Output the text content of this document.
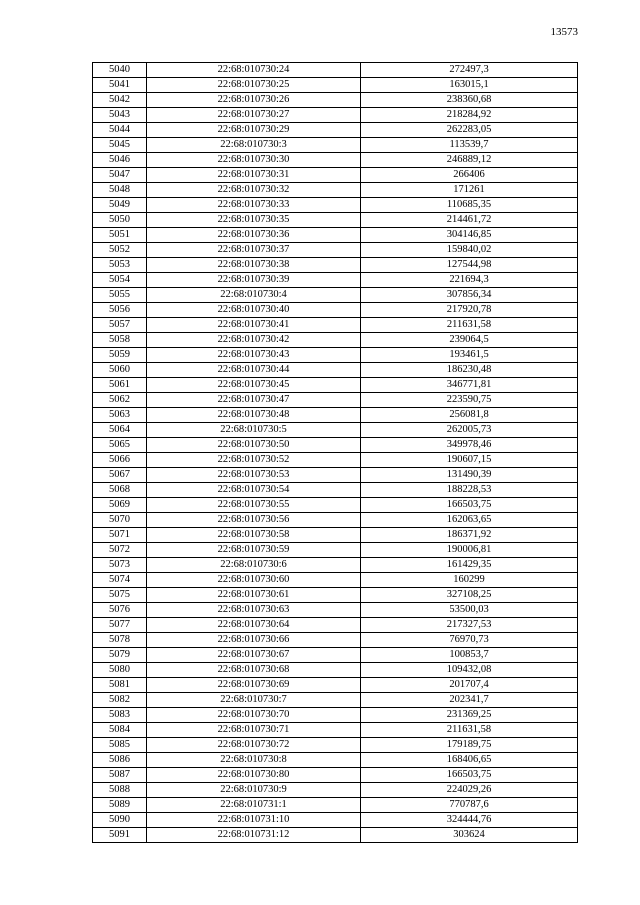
13573
5040	22:68:010730:24	272497,3
5041	22:68:010730:25	163015,1
5042	22:68:010730:26	238360,68
5043	22:68:010730:27	218284,92
5044	22:68:010730:29	262283,05
5045	22:68:010730:3	113539,7
5046	22:68:010730:30	246889,12
5047	22:68:010730:31	266406
5048	22:68:010730:32	171261
5049	22:68:010730:33	110685,35
5050	22:68:010730:35	214461,72
5051	22:68:010730:36	304146,85
5052	22:68:010730:37	159840,02
5053	22:68:010730:38	127544,98
5054	22:68:010730:39	221694,3
5055	22:68:010730:4	307856,34
5056	22:68:010730:40	217920,78
5057	22:68:010730:41	211631,58
5058	22:68:010730:42	239064,5
5059	22:68:010730:43	193461,5
5060	22:68:010730:44	186230,48
5061	22:68:010730:45	346771,81
5062	22:68:010730:47	223590,75
5063	22:68:010730:48	256081,8
5064	22:68:010730:5	262005,73
5065	22:68:010730:50	349978,46
5066	22:68:010730:52	190607,15
5067	22:68:010730:53	131490,39
5068	22:68:010730:54	188228,53
5069	22:68:010730:55	166503,75
5070	22:68:010730:56	162063,65
5071	22:68:010730:58	186371,92
5072	22:68:010730:59	190006,81
5073	22:68:010730:6	161429,35
5074	22:68:010730:60	160299
5075	22:68:010730:61	327108,25
5076	22:68:010730:63	53500,03
5077	22:68:010730:64	217327,53
5078	22:68:010730:66	76970,73
5079	22:68:010730:67	100853,7
5080	22:68:010730:68	109432,08
5081	22:68:010730:69	201707,4
5082	22:68:010730:7	202341,7
5083	22:68:010730:70	231369,25
5084	22:68:010730:71	211631,58
5085	22:68:010730:72	179189,75
5086	22:68:010730:8	168406,65
5087	22:68:010730:80	166503,75
5088	22:68:010730:9	224029,26
5089	22:68:010731:1	770787,6
5090	22:68:010731:10	324444,76
5091	22:68:010731:12	303624
